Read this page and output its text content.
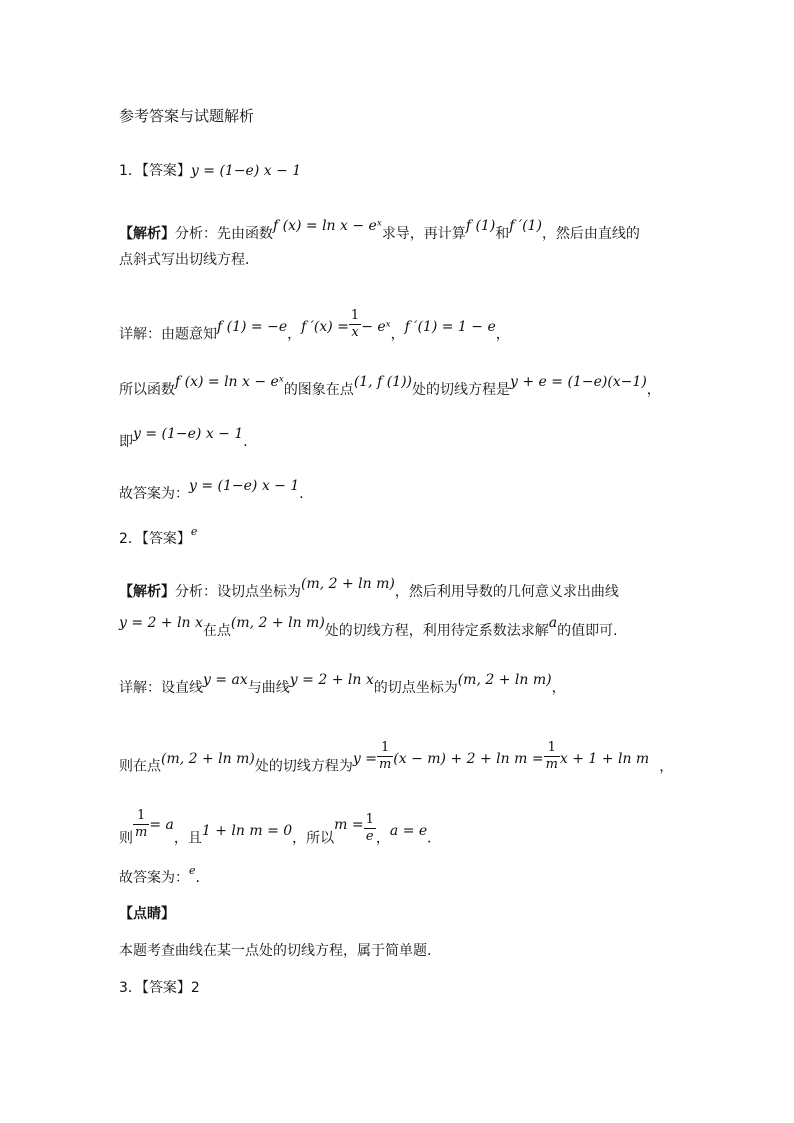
参考答案与试题解析
1．【答案】y = (1−e) x − 1
【解析】分析：先由函数f (x) = ln x − eˣ求导，再计算f (1)和f ′(1)，然后由直线的
点斜式写出切线方程．
详解：由题意知f (1) = −e，f $'(x) = \frac{1}{x}$ − eˣ，f ′(1) = 1 − e，
所以函数f (x) = ln x − eˣ的图象在点(1, f (1))处的切线方程是y + e = (1−e)(x−1)，
即y = (1−e) x − 1．
故答案为：y = (1−e) x − 1．
2．【答案】e
【解析】分析：设切点坐标为(m, 2 + ln m)，然后利用导数的几何意义求出曲线
y = 2 + ln x在点(m, 2 + ln m)处的切线方程，利用待定系数法求解a的值即可.
详解：设直线y = ax与曲线y = 2 + ln x的切点坐标为(m, 2 + ln m)，
则在点(m, 2 + ln m)处的切线方程为$y = \frac{1}{m} (x - m) + 2 + \ln m = \frac{1}{m}$ x + 1 + ln m ，
则 $\frac{1}{m} = a$，且1 + ln m = 0，所以$m = \frac{1}{e}$ ，a = e．
故答案为：e．
【点睛】
本题考查曲线在某一点处的切线方程，属于简单题.
3．【答案】2
